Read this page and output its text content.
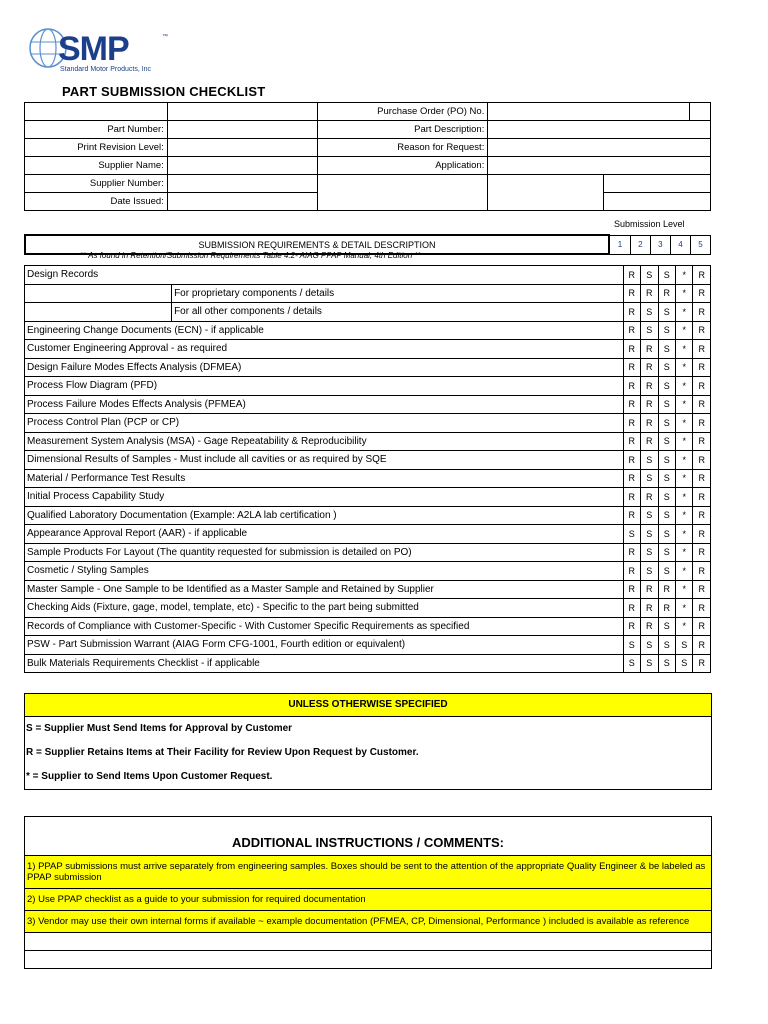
SMP	™
Standard Motor Products, Inc
PART SUBMISSION CHECKLIST
		Purchase Order (PO) No.			
Part Number:		Part Description:			
Print Revision Level:		Reason for Request:			
Supplier Name:		Application:			
Supplier Number:					
Date Issued:					
Submission Level
SUBMISSION REQUIREMENTS & DETAIL DESCRIPTION	1	2	3	4	5
** As found in Retention/Submission Requirements Table 4.2- AIAG PPAP Manual, 4th Edition **
Design Records		R	S	S	*	R
	For proprietary components / details	R	R	R	*	R
	For all other components / details	R	S	S	*	R
Engineering Change Documents (ECN) - if applicable		R	S	S	*	R
Customer Engineering Approval - as required		R	R	S	*	R
Design Failure Modes Effects Analysis (DFMEA)		R	R	S	*	R
Process Flow Diagram (PFD)		R	R	S	*	R
Process Failure Modes Effects Analysis (PFMEA)		R	R	S	*	R
Process Control Plan (PCP or CP)		R	R	S	*	R
Measurement System Analysis (MSA) - Gage Repeatability & Reproducibility		R	R	S	*	R
Dimensional Results of Samples - Must include all cavities or as required by SQE		R	S	S	*	R
Material / Performance Test Results		R	S	S	*	R
Initial Process Capability Study		R	R	S	*	R
Qualified Laboratory Documentation (Example: A2LA lab certification )		R	S	S	*	R
Appearance Approval Report (AAR) - if applicable		S	S	S	*	R
Sample Products For Layout (The quantity requested for submission is detailed on PO)		R	S	S	*	R
Cosmetic / Styling Samples		R	S	S	*	R
Master Sample - One Sample to be Identified as a Master Sample and Retained by Supplier		R	R	R	*	R
Checking Aids (Fixture, gage, model, template, etc) - Specific to the part being submitted		R	R	R	*	R
Records of Compliance with Customer-Specific - With Customer Specific Requirements as specified		R	R	S	*	R
PSW - Part Submission Warrant (AIAG Form CFG-1001, Fourth edition or equivalent)		S	S	S	S	R
Bulk Materials Requirements Checklist - if applicable		S	S	S	S	R
UNLESS OTHERWISE SPECIFIED
S = Supplier Must Send Items for Approval by Customer
R = Supplier Retains Items at Their Facility for Review Upon Request by Customer.
* = Supplier to Send Items Upon Customer Request.
ADDITIONAL INSTRUCTIONS / COMMENTS:
1) PPAP submissions must arrive separately from engineering samples. Boxes should be sent to the attention of the appropriate Quality Engineer & be labeled as PPAP submission
2) Use PPAP checklist as a guide to your submission for required documentation
3) Vendor may use their own internal forms if available ~ example documentation (PFMEA, CP, Dimensional, Performance ) included is available as reference
